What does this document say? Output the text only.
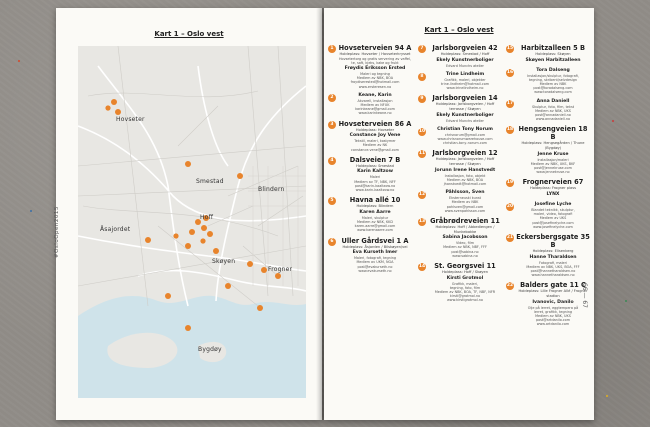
Kart 1 – Oslo vest
Hovseter
Smestad
Blindern
Åsajordet
Hoff
Skøyen
Frogner
Bygdøy
#OsloOpen2015
Kart 1 – Oslo vest
1 Hovseterveien 94 A
Holdeplass: Hovseter / Hovseterkrysset
Hovsetertorg og gratis servering av vaffel, te, saft, kjeks, kake og frukt
Frøydis Eriksson Ersted
Maleri og tegning
Medlem av NBK, BOA
froydiserested@hotmail.com
www.ersteresen.no
2	Keane, Karin
Akvarell, installasjon
Medlem av NFUK
karinkeane@gmail.com
www.karinkeane.no
3 Hovseterveien 86 A
Holdeplass: Hovseter
Constance Joy Vene
Tekstil, maleri, kostymer
Medlem av NK
constance.vene@gmail.com
4	Dalsveien 7 B
Holdeplass: Smestad
Karin Kaltzow
Maleri
Medlem av TF, NBK, NFF
post@karin-kaaltzow.no
www.karin-kaaltzow.no
5	Havna allé 10
Holdeplass: Blindern
Karen Aarre
Maleri, skulptur
Medlem av NBK, KKD
karen.aarre@gmail.com
www.karenaarre.com
6	Uller Gårdsvei 1 A
Holdeplass: Åsjorden / Bilskøyen/vei
Eva Kurseth Imer
Maleri, fotografi, tegning
Medlem av UKM, NGA
post@evakurseth.no
www.evakurseth.no
7	Jarlsborgveien 42
Holdeplass: Smestad / Hoff
Ekely Kunstnerboliger
Edvard Munchs atelier
8	Trine Lindheim
Grafikk, maleri, objekter
trine.lindheim@hotmail.com
www.trinelindheim.no
9	Jarlsborgveien 14
Holdeplass: Jarlsborgveien / Hoff terrasse / Skøyen
Ekely Kunstnerboliger
Edvard Munchs atelier
10	Christian Tony Norum
chrisnorum@gmail.com
www.chrisnorumwarehouse.com
christian-tony-norum.com
11	Jarlsborgveien 12
Holdeplass: Jarlsborgveien / Hoff terrasse / Skøyen
Jorunn Irene Hanstvedt
Installasjon, foto, objekt
Medlem av NBK, BOA
jhanstvedt@hotmail.com
12	Påhlsson, Sven
Eksterneuski kunst
Medlem av NBK
pahlsven@gmail.com
www.svenpahlsson.com
13 Gråbrødreveien 11
Holdeplass: Hoff / Abbediengen / Munkebakke
Sabina Jacobsson
Video, film
Medlem av NBK, NBF, FFF
post@sabina.no
www.sabina.no
14	St. Georgsvei 11
Holdeplass: Hoff / Skøyen
Kirsti Grotmol
Grafikk, maleri,
tegning, foto, film
Medlem av NBK, BOA, TF, NBF, NFR
kirsti@grotmol.no
www.kirstigrotmol.no
15	Harbitzalleen 5 B
Holdeplass: Skøyen
Skøyen Harbitzalleen
16	Tora Dalseng
Installasjon/skulptur, fotografi,
tegning, skribent/selvdesign
Medlem av NBK
post@toradalseng.com
www.toradalseng.com
17	Anna Daniell
Skulptur, foto, film, tekst
Medlem av NBK, UKS
post@annadaniell.no
www.annadaniell.no
18 Hengsengveien 18 B
Holdeplass: Hengsegården / Thune (Bygdøy)
Jenne Kruse
Installasjon/maleri
Medlem av NBK, UKS, BKF
post@jennekruse.com
www.jennekruse.no
19	Frognerveien 67
Holdeplass: Frogner plass
LYNX
20	Josefine Lyche
Blandet teknikk, skulptur,
maleri, video, fotografi
Medlem av UKS
post@josefinelyche.com
www.josefinelyche.com
21 Eckersbergsgate 35 B
Holdeplass: Elisenberg
Hanne Tharaldsen
Fotografi, maleri
Medlem av NBK, UKS, BOA, FFF
post@hannetharaldsen.no
www.hannetharaldsen.no
22	Balders gate 11 C
Holdeplass: Lille Frogner Allé / Frogner stadion
Ivanovic, Danilo
Olje på lerret, eggtempera på
lerret, grafikk, tegning
Medlem av NBK, UKS
post@artdanilo.com
www.artdanilo.com
66 — 67
